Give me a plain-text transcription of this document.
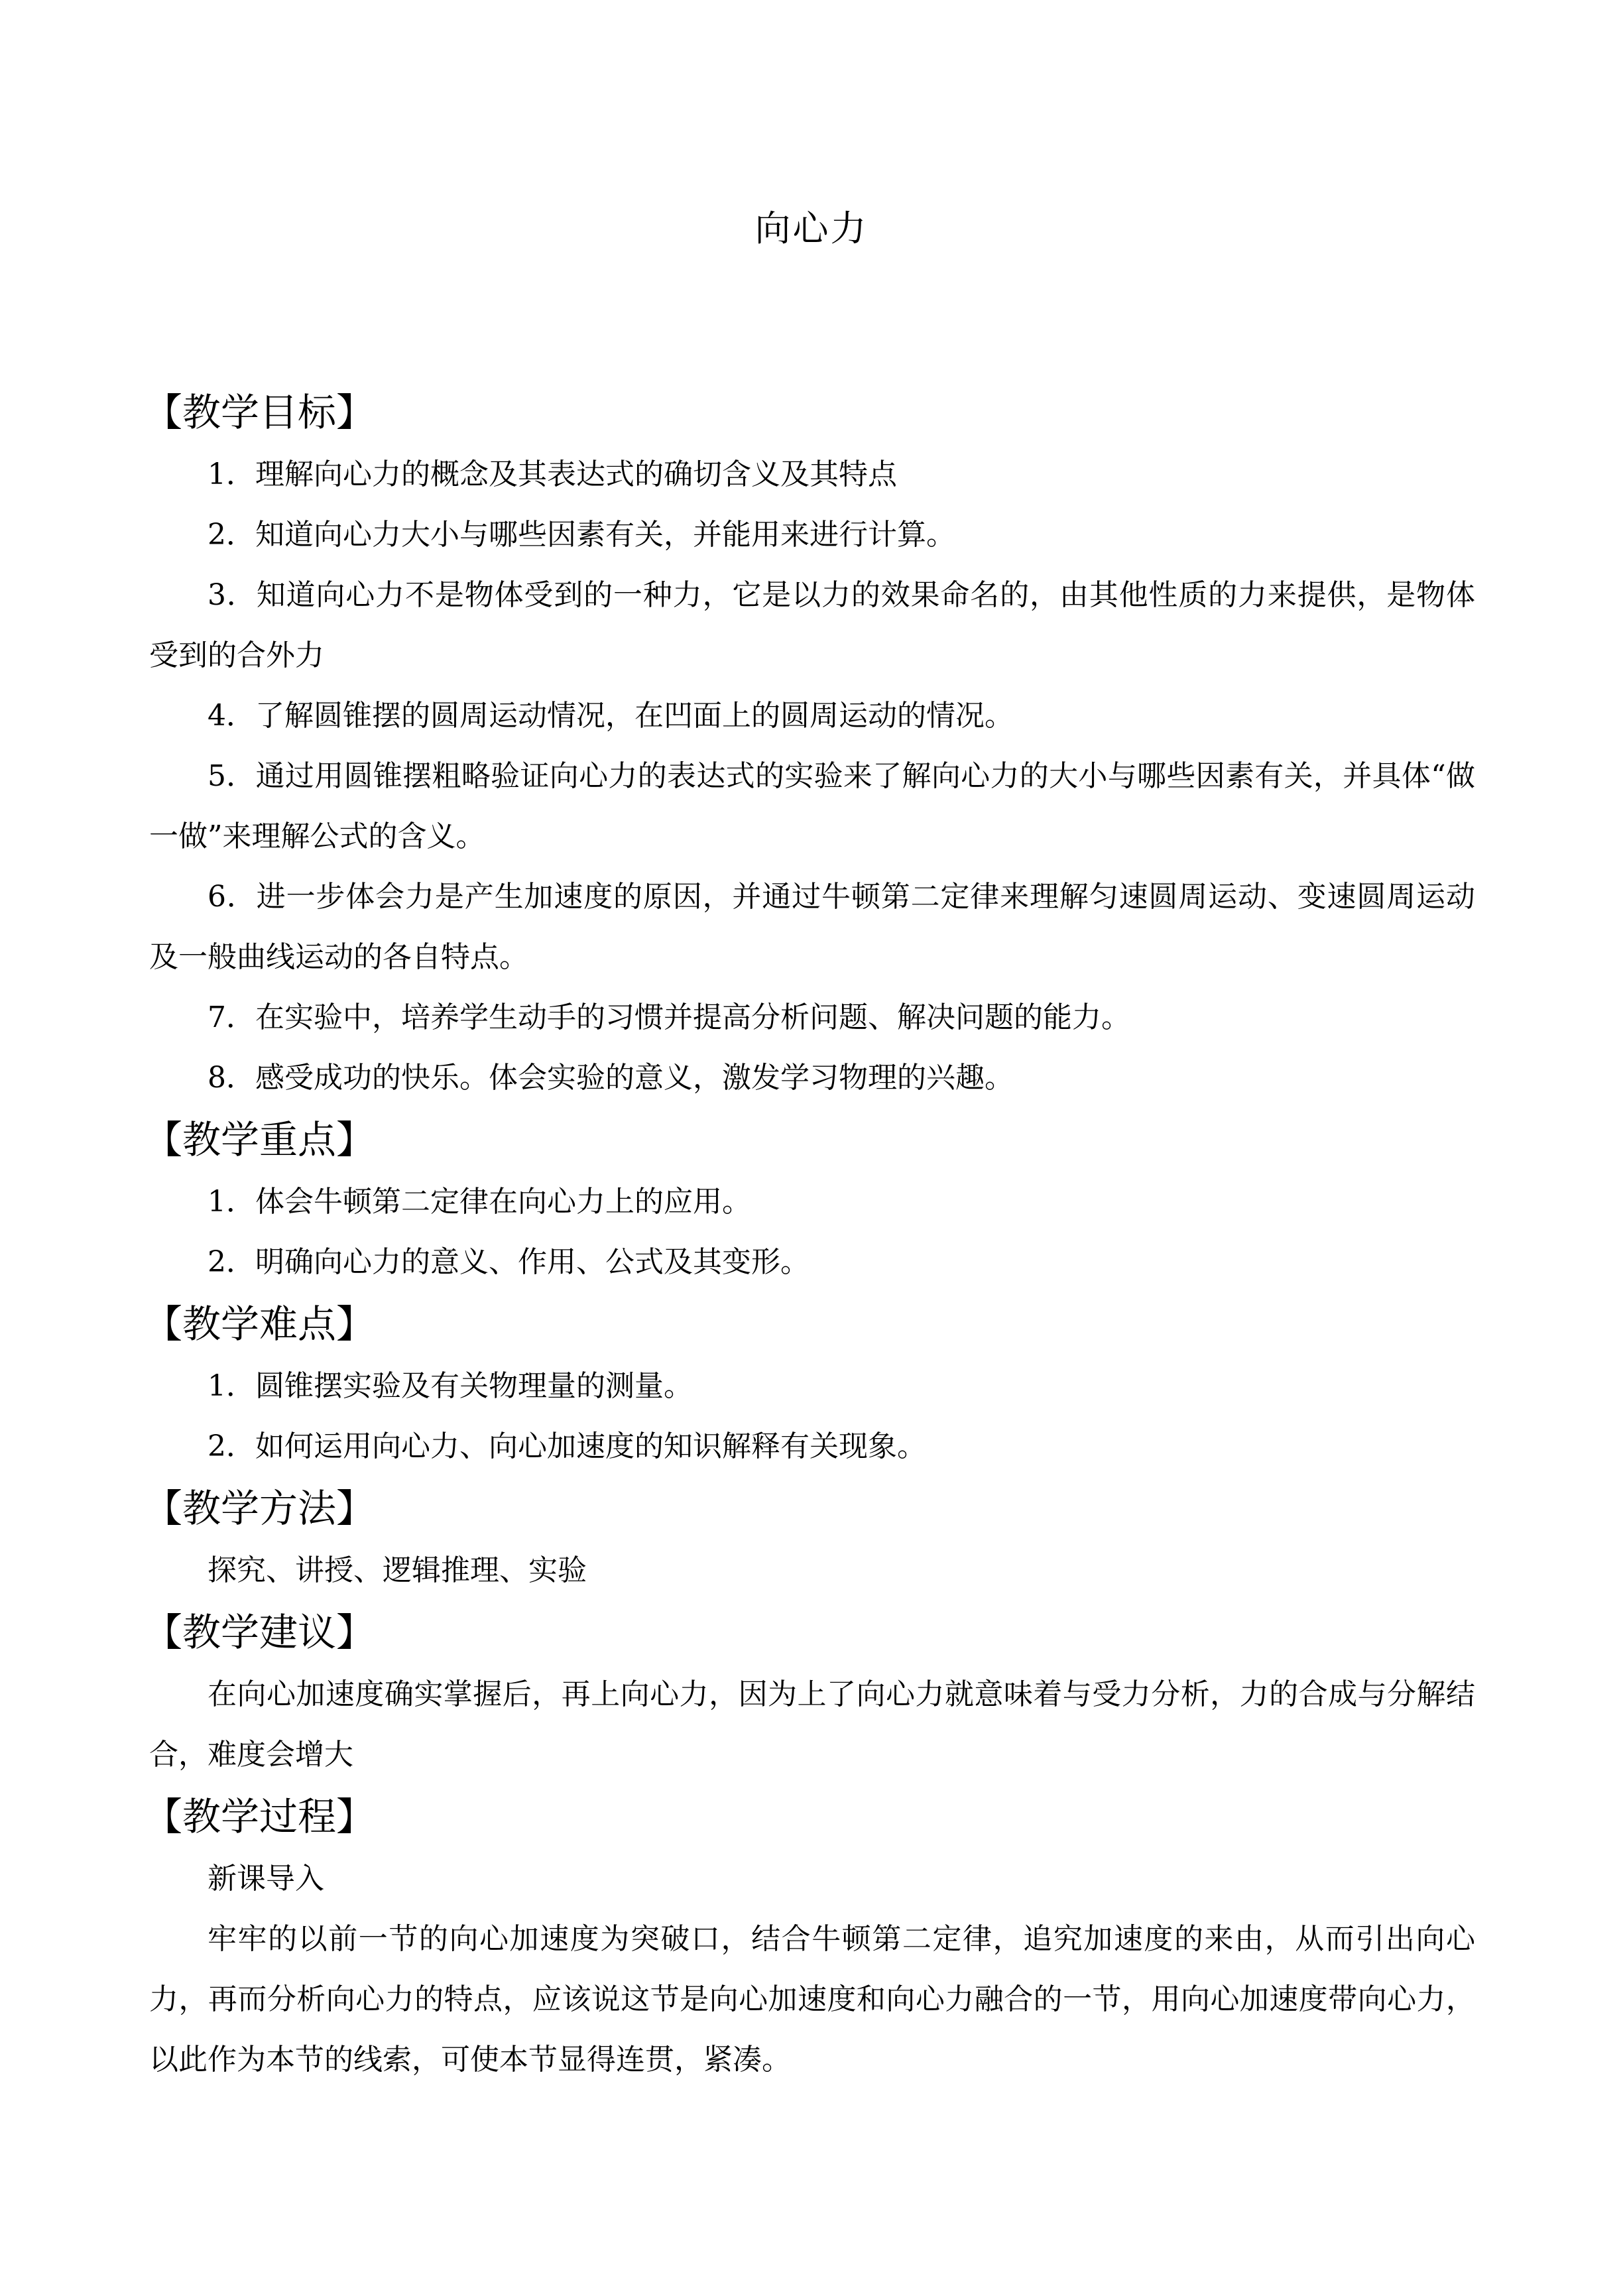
向心力
【教学目标】
1．理解向心力的概念及其表达式的确切含义及其特点
2．知道向心力大小与哪些因素有关，并能用来进行计算。
3．知道向心力不是物体受到的一种力，它是以力的效果命名的，由其他性质的力来提供，是物体受到的合外力
4．了解圆锥摆的圆周运动情况，在凹面上的圆周运动的情况。
5．通过用圆锥摆粗略验证向心力的表达式的实验来了解向心力的大小与哪些因素有关，并具体“做一做”来理解公式的含义。
6．进一步体会力是产生加速度的原因，并通过牛顿第二定律来理解匀速圆周运动、变速圆周运动及一般曲线运动的各自特点。
7．在实验中，培养学生动手的习惯并提高分析问题、解决问题的能力。
8．感受成功的快乐。体会实验的意义，激发学习物理的兴趣。
【教学重点】
1．体会牛顿第二定律在向心力上的应用。
2．明确向心力的意义、作用、公式及其变形。
【教学难点】
1．圆锥摆实验及有关物理量的测量。
2．如何运用向心力、向心加速度的知识解释有关现象。
【教学方法】
探究、讲授、逻辑推理、实验
【教学建议】
在向心加速度确实掌握后，再上向心力，因为上了向心力就意味着与受力分析，力的合成与分解结合，难度会增大
【教学过程】
新课导入
牢牢的以前一节的向心加速度为突破口，结合牛顿第二定律，追究加速度的来由，从而引出向心力，再而分析向心力的特点，应该说这节是向心加速度和向心力融合的一节，用向心加速度带向心力，以此作为本节的线索，可使本节显得连贯，紧凑。
